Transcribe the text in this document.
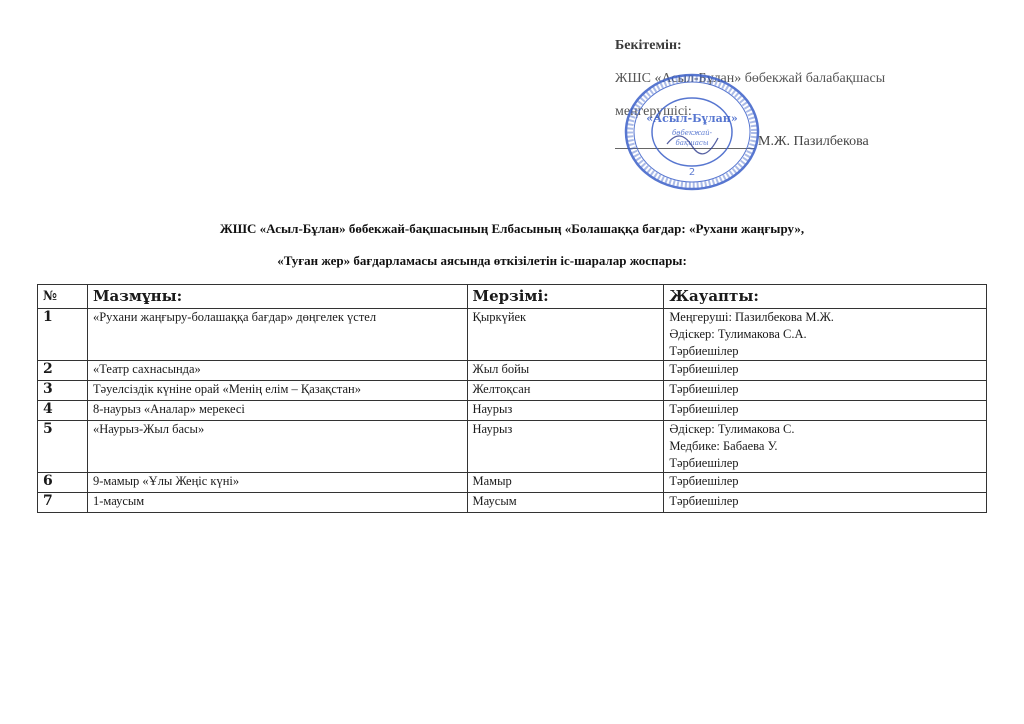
Бекітемін:
ЖШС «Асыл-Бұлан» бөбекжай балабақшасы
меңгерушісі:
М.Ж. Пазилбекова
«Асыл-Бұлан»
бөбекжай-
бақшасы
2
ЖШС «Асыл-Бұлан» бөбекжай-бақшасының Елбасының «Болашаққа бағдар: «Рухани жаңғыру»,
«Туған жер» бағдарламасы аясында өткізілетін іс-шаралар жоспары:
№	Мазмұны:	Мерзімі:	Жауапты:
1	«Рухани жаңғыру-болашаққа бағдар» дөңгелек үстел	Қыркүйек	Меңгеруші: Пазилбекова М.Ж.
Әдіскер: Тулимакова С.А.
Тәрбиешілер

2	«Театр сахнасында»	Жыл бойы	Тәрбиешілер
3	Тәуелсіздік күніне орай «Менің елім – Қазақстан»	Желтоқсан	Тәрбиешілер
4	8-наурыз «Аналар» мерекесі	Наурыз	Тәрбиешілер
5	«Наурыз-Жыл басы»	Наурыз	Әдіскер: Тулимакова С.
Медбике: Бабаева У.
Тәрбиешілер

6	9-мамыр «Ұлы Жеңіс күні»	Мамыр	Тәрбиешілер
7	1-маусым	Маусым	Тәрбиешілер
